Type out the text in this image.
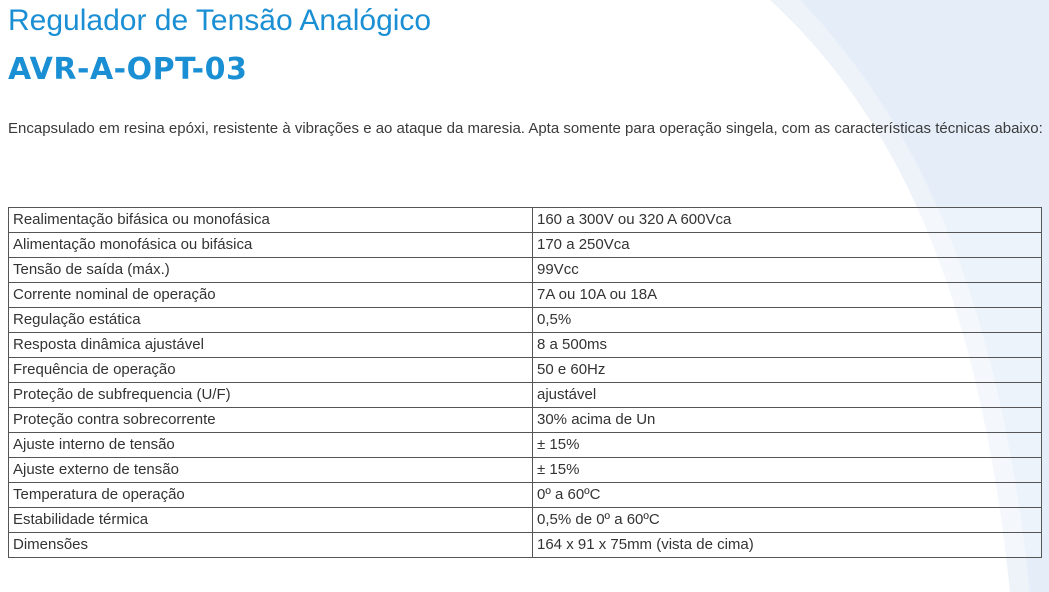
Regulador de Tensão Analógico
AVR-A-OPT-03

Encapsulado em resina epóxi, resistente à vibrações e ao ataque da maresia. Apta somente para operação singela, com as características técnicas abaixo:

Realimentação bifásica ou monofásica	160 a 300V ou 320 A 600Vca
Alimentação monofásica ou bifásica	170 a 250Vca
Tensão de saída (máx.)	99Vcc
Corrente nominal de operação	7A ou 10A ou 18A
Regulação estática	0,5%
Resposta dinâmica ajustável	8 a 500ms
Frequência de operação	50 e 60Hz
Proteção de subfrequencia (U/F)	ajustável
Proteção contra sobrecorrente	30% acima de Un
Ajuste interno de tensão	± 15%
Ajuste externo de tensão	± 15%
Temperatura de operação	0º a 60ºC
Estabilidade térmica	0,5% de 0º a 60ºC
Dimensões	164 x 91 x 75mm (vista de cima)
